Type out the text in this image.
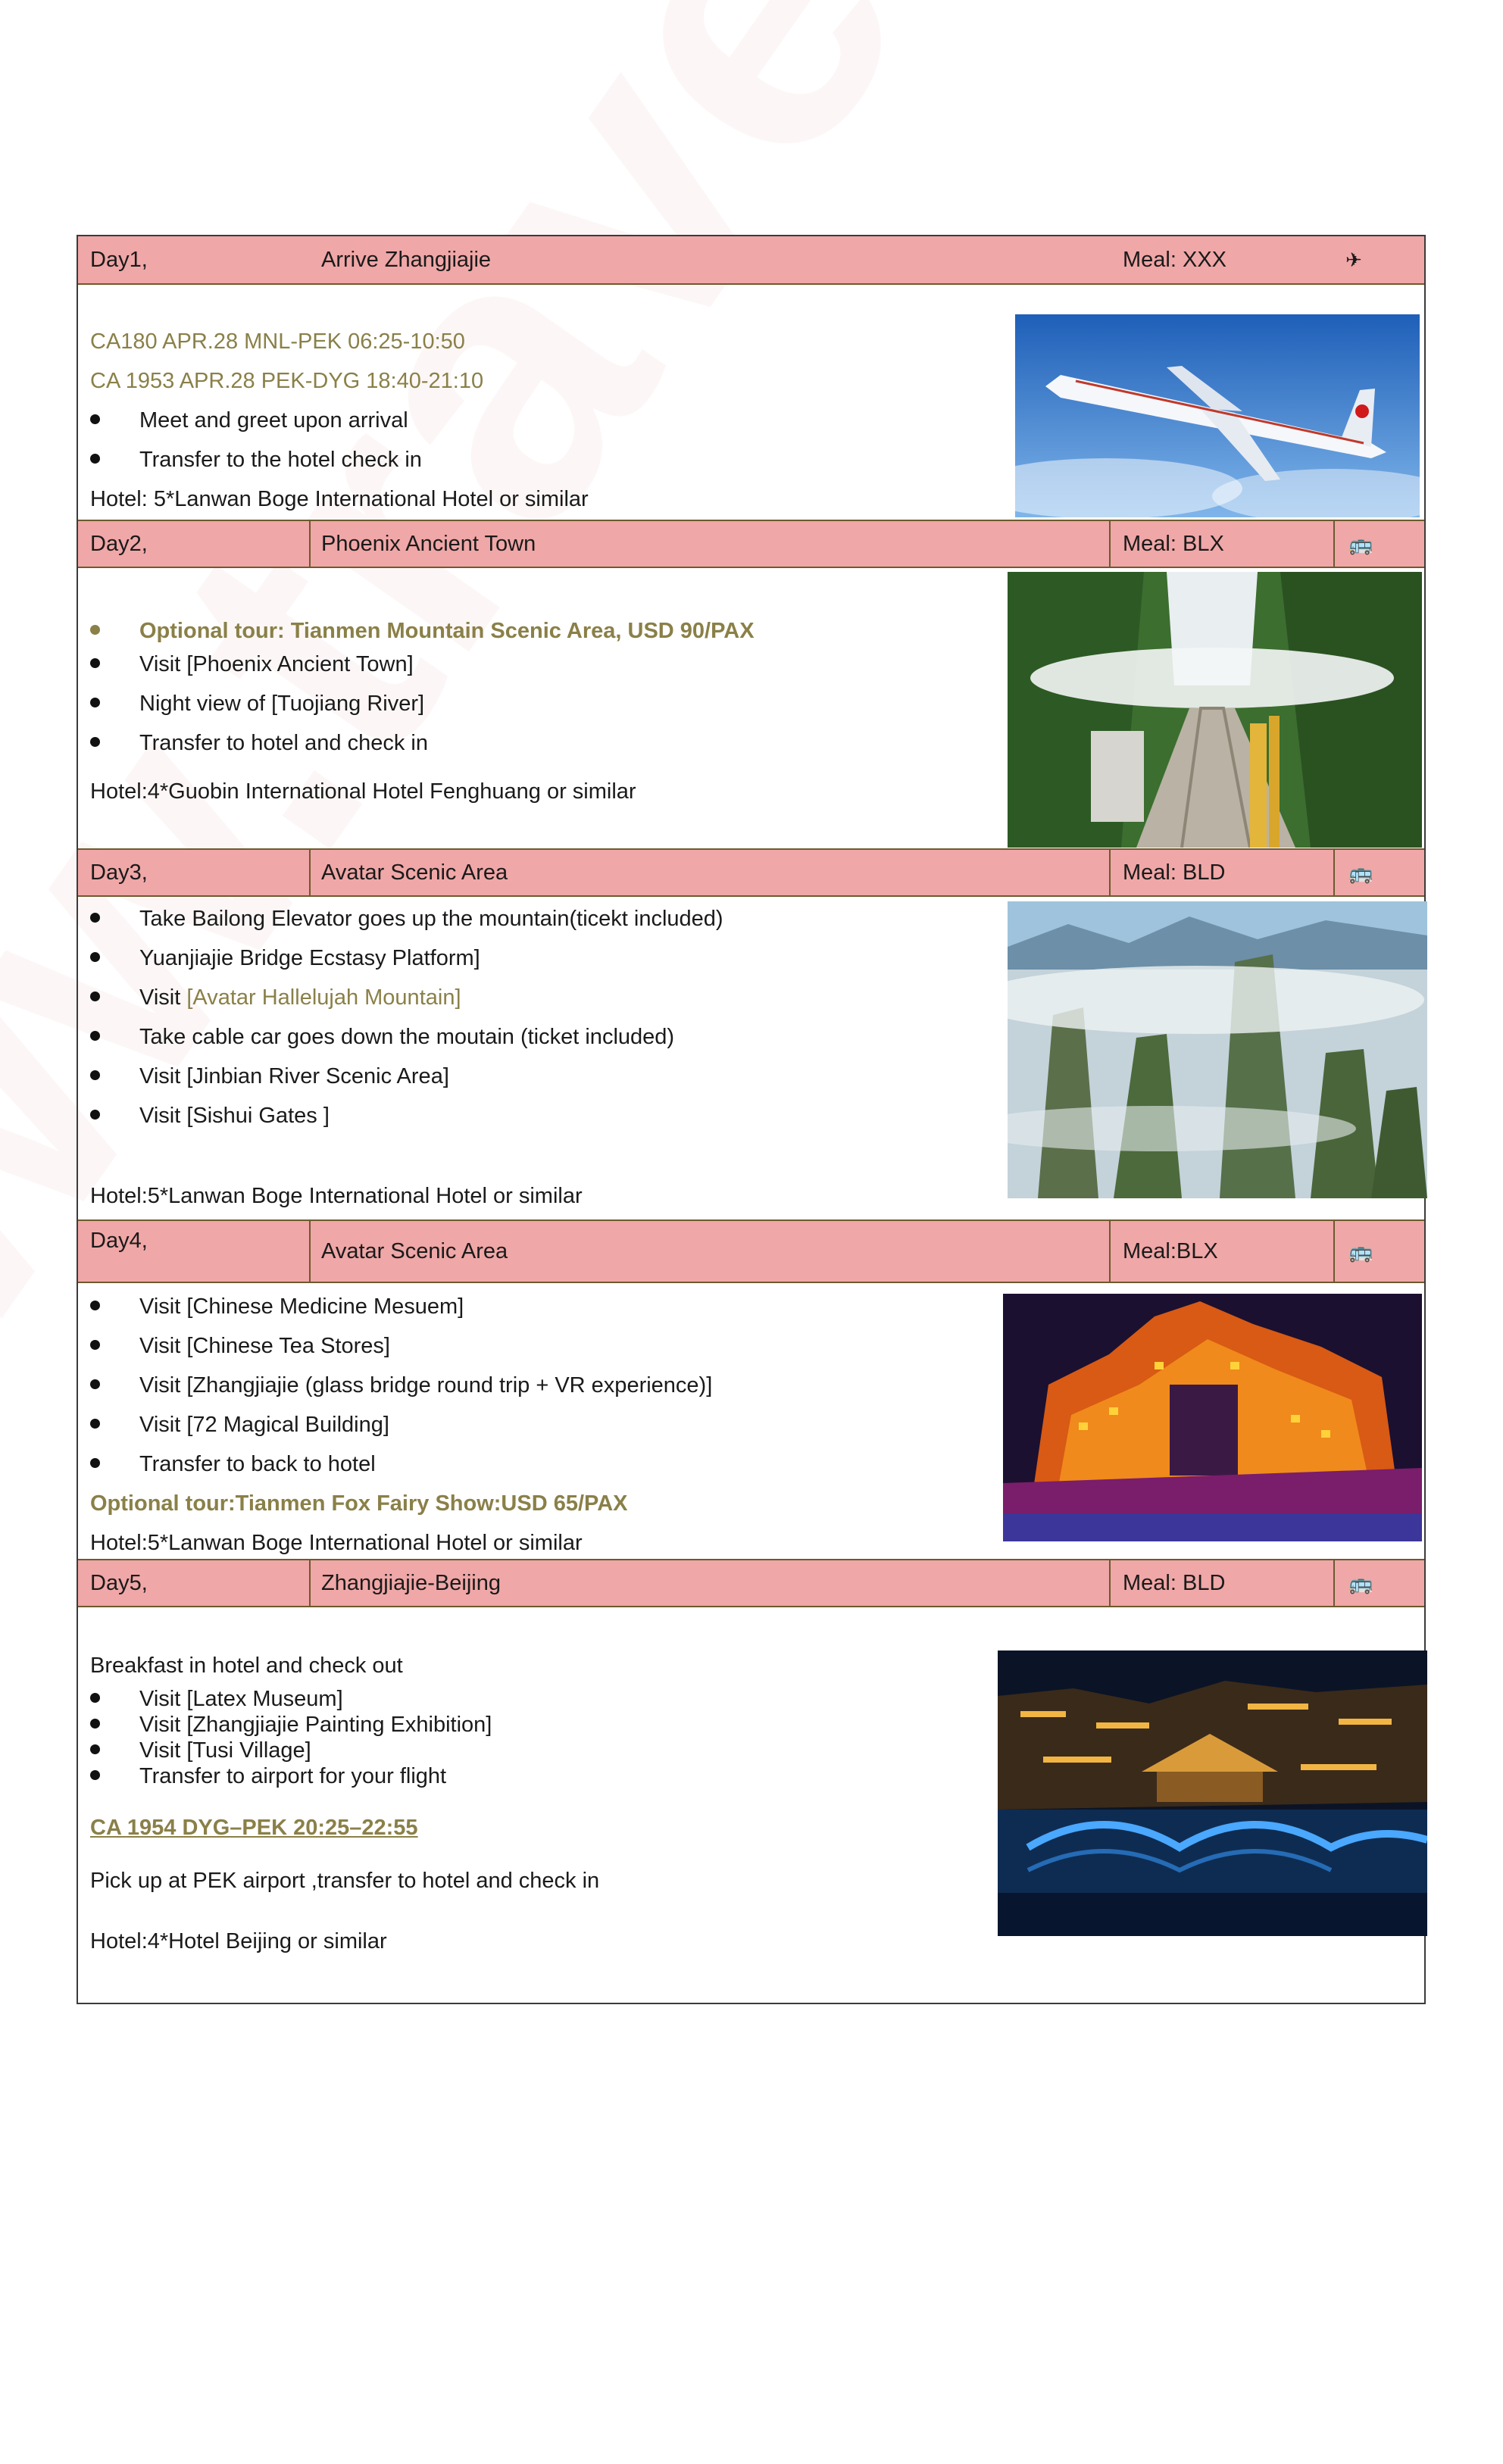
Day1,	Arrive Zhangjiajie	Meal: XXX	✈
CA180 APR.28 MNL-PEK 06:25-10:50
CA 1953 APR.28 PEK-DYG 18:40-21:10
Meet and greet upon arrival
Transfer to the hotel check in
Hotel: 5*Lanwan Boge International Hotel or similar
Day2,	Phoenix Ancient Town	Meal: BLX	🚌
Optional tour: Tianmen Mountain Scenic Area, USD 90/PAX
Visit [Phoenix Ancient Town]
Night view of [Tuojiang River]
Transfer to hotel and check in
Hotel:4*Guobin International Hotel Fenghuang or similar
Day3,	Avatar Scenic Area	Meal: BLD	🚌
Take Bailong Elevator goes up the mountain(ticekt included)
Yuanjiajie Bridge Ecstasy Platform]
Visit [Avatar Hallelujah Mountain]
Take cable car goes down the moutain (ticket included)
Visit [Jinbian River Scenic Area]
Visit [Sishui Gates ]
Hotel:5*Lanwan Boge International Hotel or similar
Day4,	Avatar Scenic Area	Meal:BLX	🚌
Visit [Chinese Medicine Mesuem]
Visit [Chinese Tea Stores]
Visit [Zhangjiajie (glass bridge round trip + VR experience)]
Visit [72 Magical Building]
Transfer to back to hotel
Optional tour:Tianmen Fox Fairy Show:USD 65/PAX
Hotel:5*Lanwan Boge International Hotel or similar
Day5,	Zhangjiajie-Beijing	Meal: BLD	🚌
Breakfast in hotel and check out
Visit [Latex Museum]
Visit [Zhangjiajie Painting Exhibition]
Visit [Tusi Village]
Transfer to airport for your flight
CA 1954 DYG–PEK 20:25–22:55
Pick up at PEK airport ,transfer to hotel and check in
Hotel:4*Hotel Beijing or similar
